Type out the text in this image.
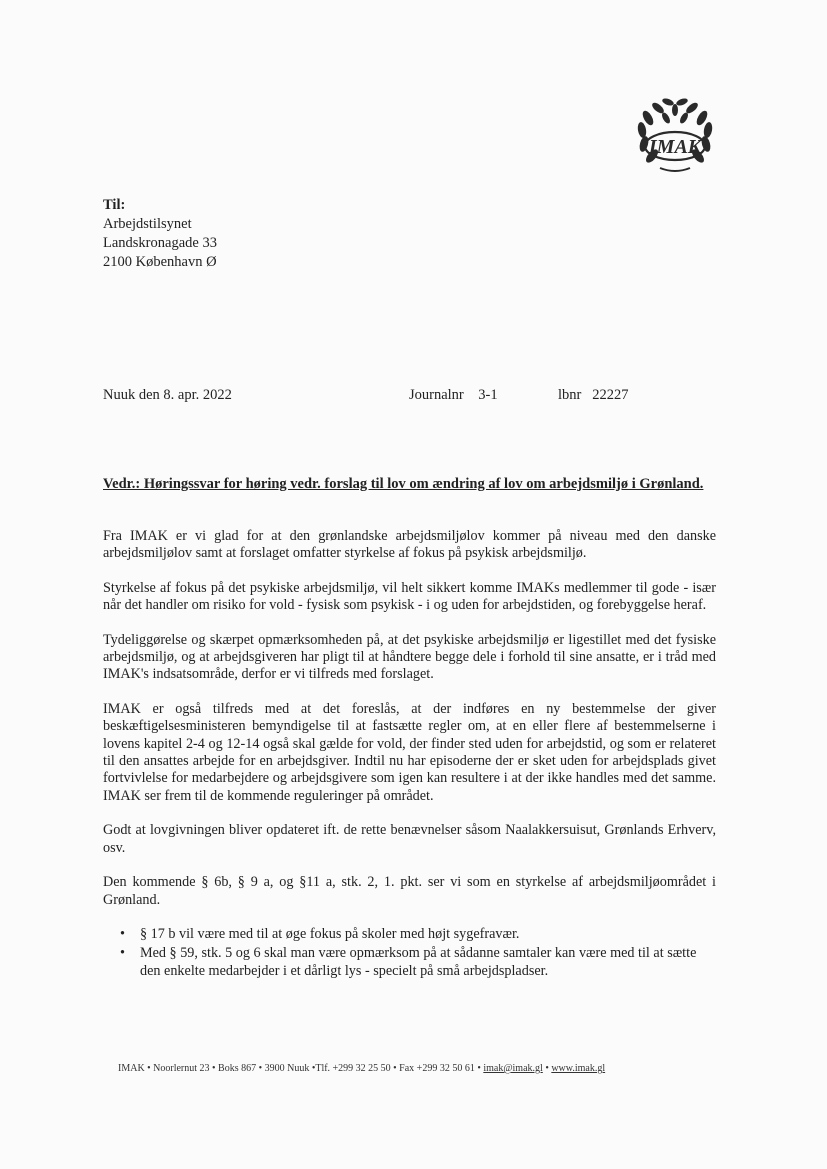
IMAK
Til:
Arbejdstilsynet
Landskronagade 33
2100 København Ø
Nuuk den 8. apr. 2022	Journalnr 3-1	lbnr 22227
Vedr.: Høringssvar for høring vedr. forslag til lov om ændring af lov om arbejdsmiljø i Grønland.

Fra IMAK er vi glad for at den grønlandske arbejdsmiljølov kommer på niveau med den danske arbejdsmiljølov samt at forslaget omfatter styrkelse af fokus på psykisk arbejdsmiljø.

Styrkelse af fokus på det psykiske arbejdsmiljø, vil helt sikkert komme IMAKs medlemmer til gode - især når det handler om risiko for vold - fysisk som psykisk - i og uden for arbejdstiden, og forebyggelse heraf.

Tydeliggørelse og skærpet opmærksomheden på, at det psykiske arbejdsmiljø er ligestillet med det fysiske arbejdsmiljø, og at arbejdsgiveren har pligt til at håndtere begge dele i forhold til sine ansatte, er i tråd med IMAK's indsatsområde, derfor er vi tilfreds med forslaget.

IMAK er også tilfreds med at det foreslås, at der indføres en ny bestemmelse der giver beskæftigelsesministeren bemyndigelse til at fastsætte regler om, at en eller flere af bestemmelserne i lovens kapitel 2-4 og 12-14 også skal gælde for vold, der finder sted uden for arbejdstid, og som er relateret til den ansattes arbejde for en arbejdsgiver. Indtil nu har episoderne der er sket uden for arbejdsplads givet fortvivlelse for medarbejdere og arbejdsgivere som igen kan resultere i at der ikke handles med det samme. IMAK ser frem til de kommende reguleringer på området.

Godt at lovgivningen bliver opdateret ift. de rette benævnelser såsom Naalakkersuisut, Grønlands Erhverv, osv.

Den kommende § 6b, § 9 a, og §11 a, stk. 2, 1. pkt. ser vi som en styrkelse af arbejdsmiljøområdet i Grønland.

• § 17 b vil være med til at øge fokus på skoler med højt sygefravær.
• Med § 59, stk. 5 og 6 skal man være opmærksom på at sådanne samtaler kan være med til at sætte den enkelte medarbejder i et dårligt lys - specielt på små arbejdspladser.
IMAK • Noorlernut 23 • Boks 867 • 3900 Nuuk •Tlf. +299 32 25 50 • Fax +299 32 50 61 • imak@imak.gl • www.imak.gl
